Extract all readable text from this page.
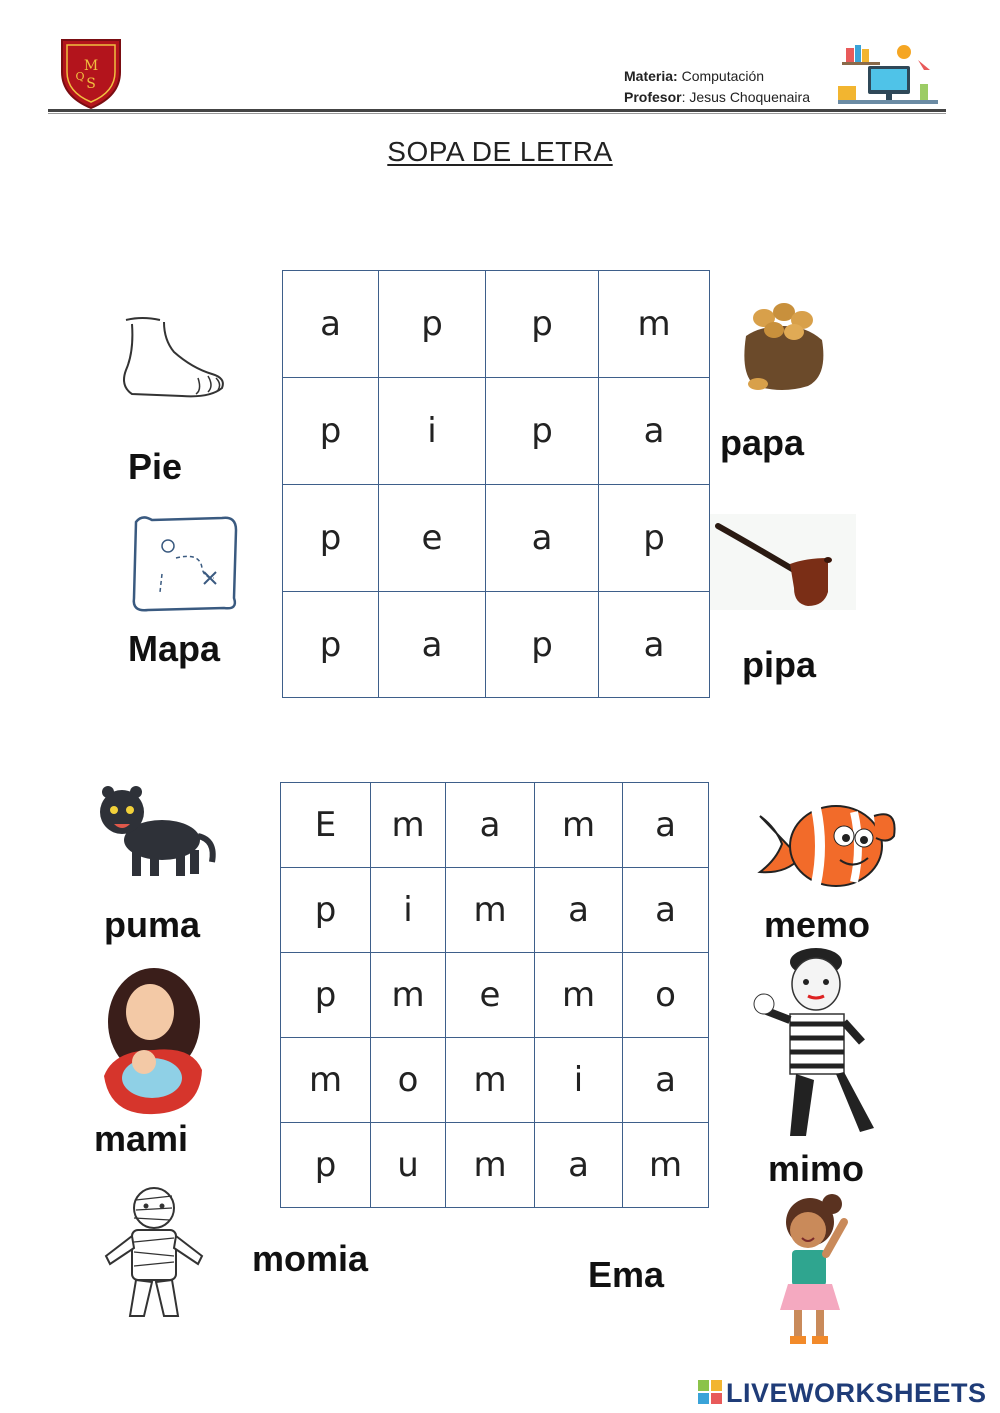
M
S
Q	Materia: Computación
Profesor: Jesus Choquenaira
SOPA DE LETRA
a	p	p	m
p	i	p	a
p	e	a	p
p	a	p	a
Pie
Mapa
papa
pipa
E	m	a	m	a
p	i	m	a	a
p	m	e	m	o
m	o	m	i	a
p	u	m	a	m
puma
mami
momia	Ema
memo
mimo
LIVEWORKSHEETS
